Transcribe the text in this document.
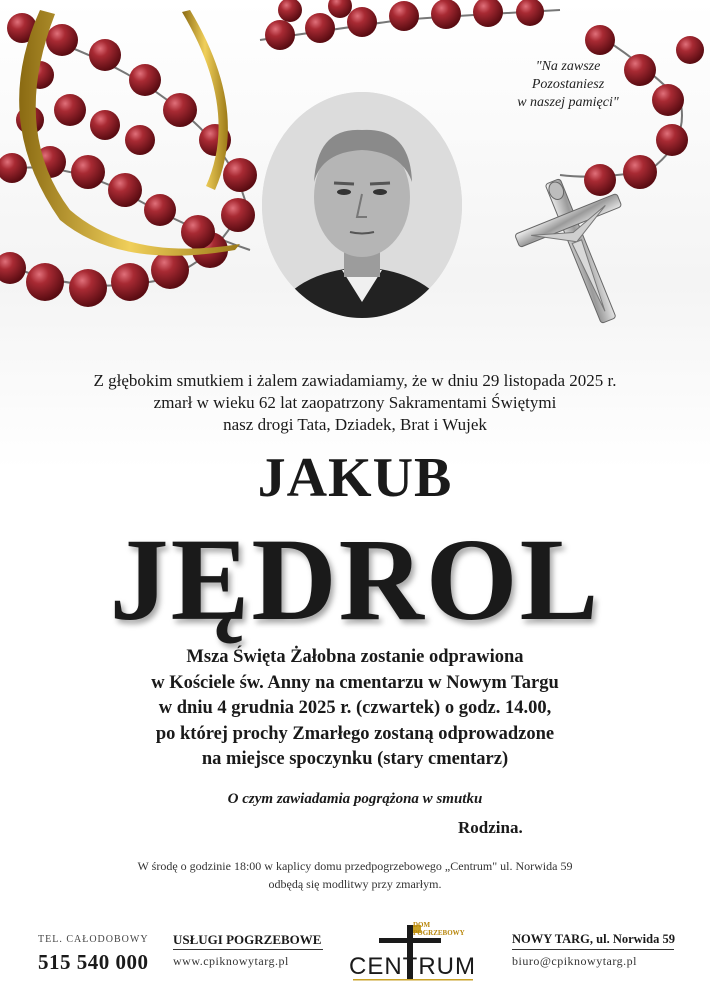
"Na zawsze
Pozostaniesz
w naszej pamięci"
Z głębokim smutkiem i żalem zawiadamiamy, że w dniu 29 listopada 2025 r.
zmarł w wieku 62 lat zaopatrzony Sakramentami Świętymi
nasz drogi Tata, Dziadek, Brat i Wujek
JAKUB
JĘDROL
Msza Święta Żałobna zostanie odprawiona
w Kościele św. Anny na cmentarzu w Nowym Targu
w dniu 4 grudnia 2025 r. (czwartek) o godz. 14.00,
po której prochy Zmarłego zostaną odprowadzone
na miejsce spoczynku (stary cmentarz)
O czym zawiadamia pogrążona w smutku
Rodzina.
W środę o godzinie 18:00 w kaplicy domu przedpogrzebowego „Centrum" ul. Norwida 59
odbędą się modlitwy przy zmarłym.
TEL. CAŁODOBOWY
515 540 000
USŁUGI POGRZEBOWE
www.cpiknowytarg.pl
DOM
POGRZEBOWY
CENTRUM
NOWY TARG, ul. Norwida 59
biuro@cpiknowytarg.pl
